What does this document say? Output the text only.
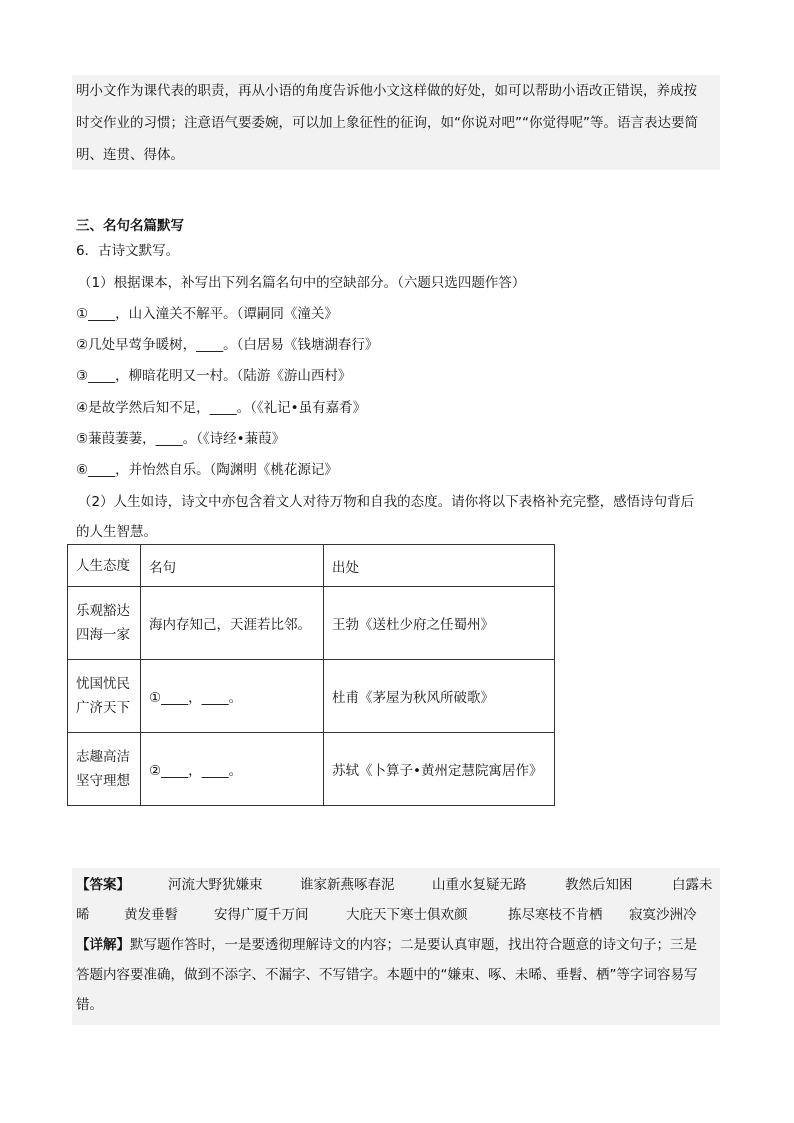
明小文作为课代表的职责，再从小语的角度告诉他小文这样做的好处，如可以帮助小语改正错误，养成按

时交作业的习惯；注意语气要委婉，可以加上象征性的征询，如“你说对吧”“你觉得呢”等。语言表达要简

明、连贯、得体。

三、名句名篇默写
6．古诗文默写。
（1）根据课本，补写出下列名篇名句中的空缺部分。（六题只选四题作答）
①____，山入潼关不解平。（谭嗣同《潼关》
②几处早莺争暖树，____。（白居易《钱塘湖春行》
③____，柳暗花明又一村。（陆游《游山西村》
④是故学然后知不足，____。（《礼记•虽有嘉肴》
⑤蒹葭萋萋，____。（《诗经•蒹葭》
⑥____，并怡然自乐。（陶渊明《桃花源记》
（2）人生如诗，诗文中亦包含着文人对待万物和自我的态度。请你将以下表格补充完整，感悟诗句背后
的人生智慧。
人生态度	名句	出处

乐观豁达
四海一家	海内存知己，天涯若比邻。	王勃《送杜少府之任蜀州》

忧国忧民
广济天下	①____，____。	杜甫《茅屋为秋风所破歌》

志趣高洁
坚守理想	②____，____。	苏轼《卜算子•黄州定慧院寓居作》
【答案】	河流大野犹嫌束	谁家新燕啄春泥	山重水复疑无路	教然后知困	白露未
晞	黄发垂髫	安得广厦千万间	大庇天下寒士俱欢颜	拣尽寒枝不肯栖 寂寞沙洲冷
【详解】默写题作答时，一是要透彻理解诗文的内容；二是要认真审题，找出符合题意的诗文句子；三是
答题内容要准确，做到不添字、不漏字、不写错字。本题中的“嫌束、啄、未晞、垂髫、栖”等字词容易写
错。
